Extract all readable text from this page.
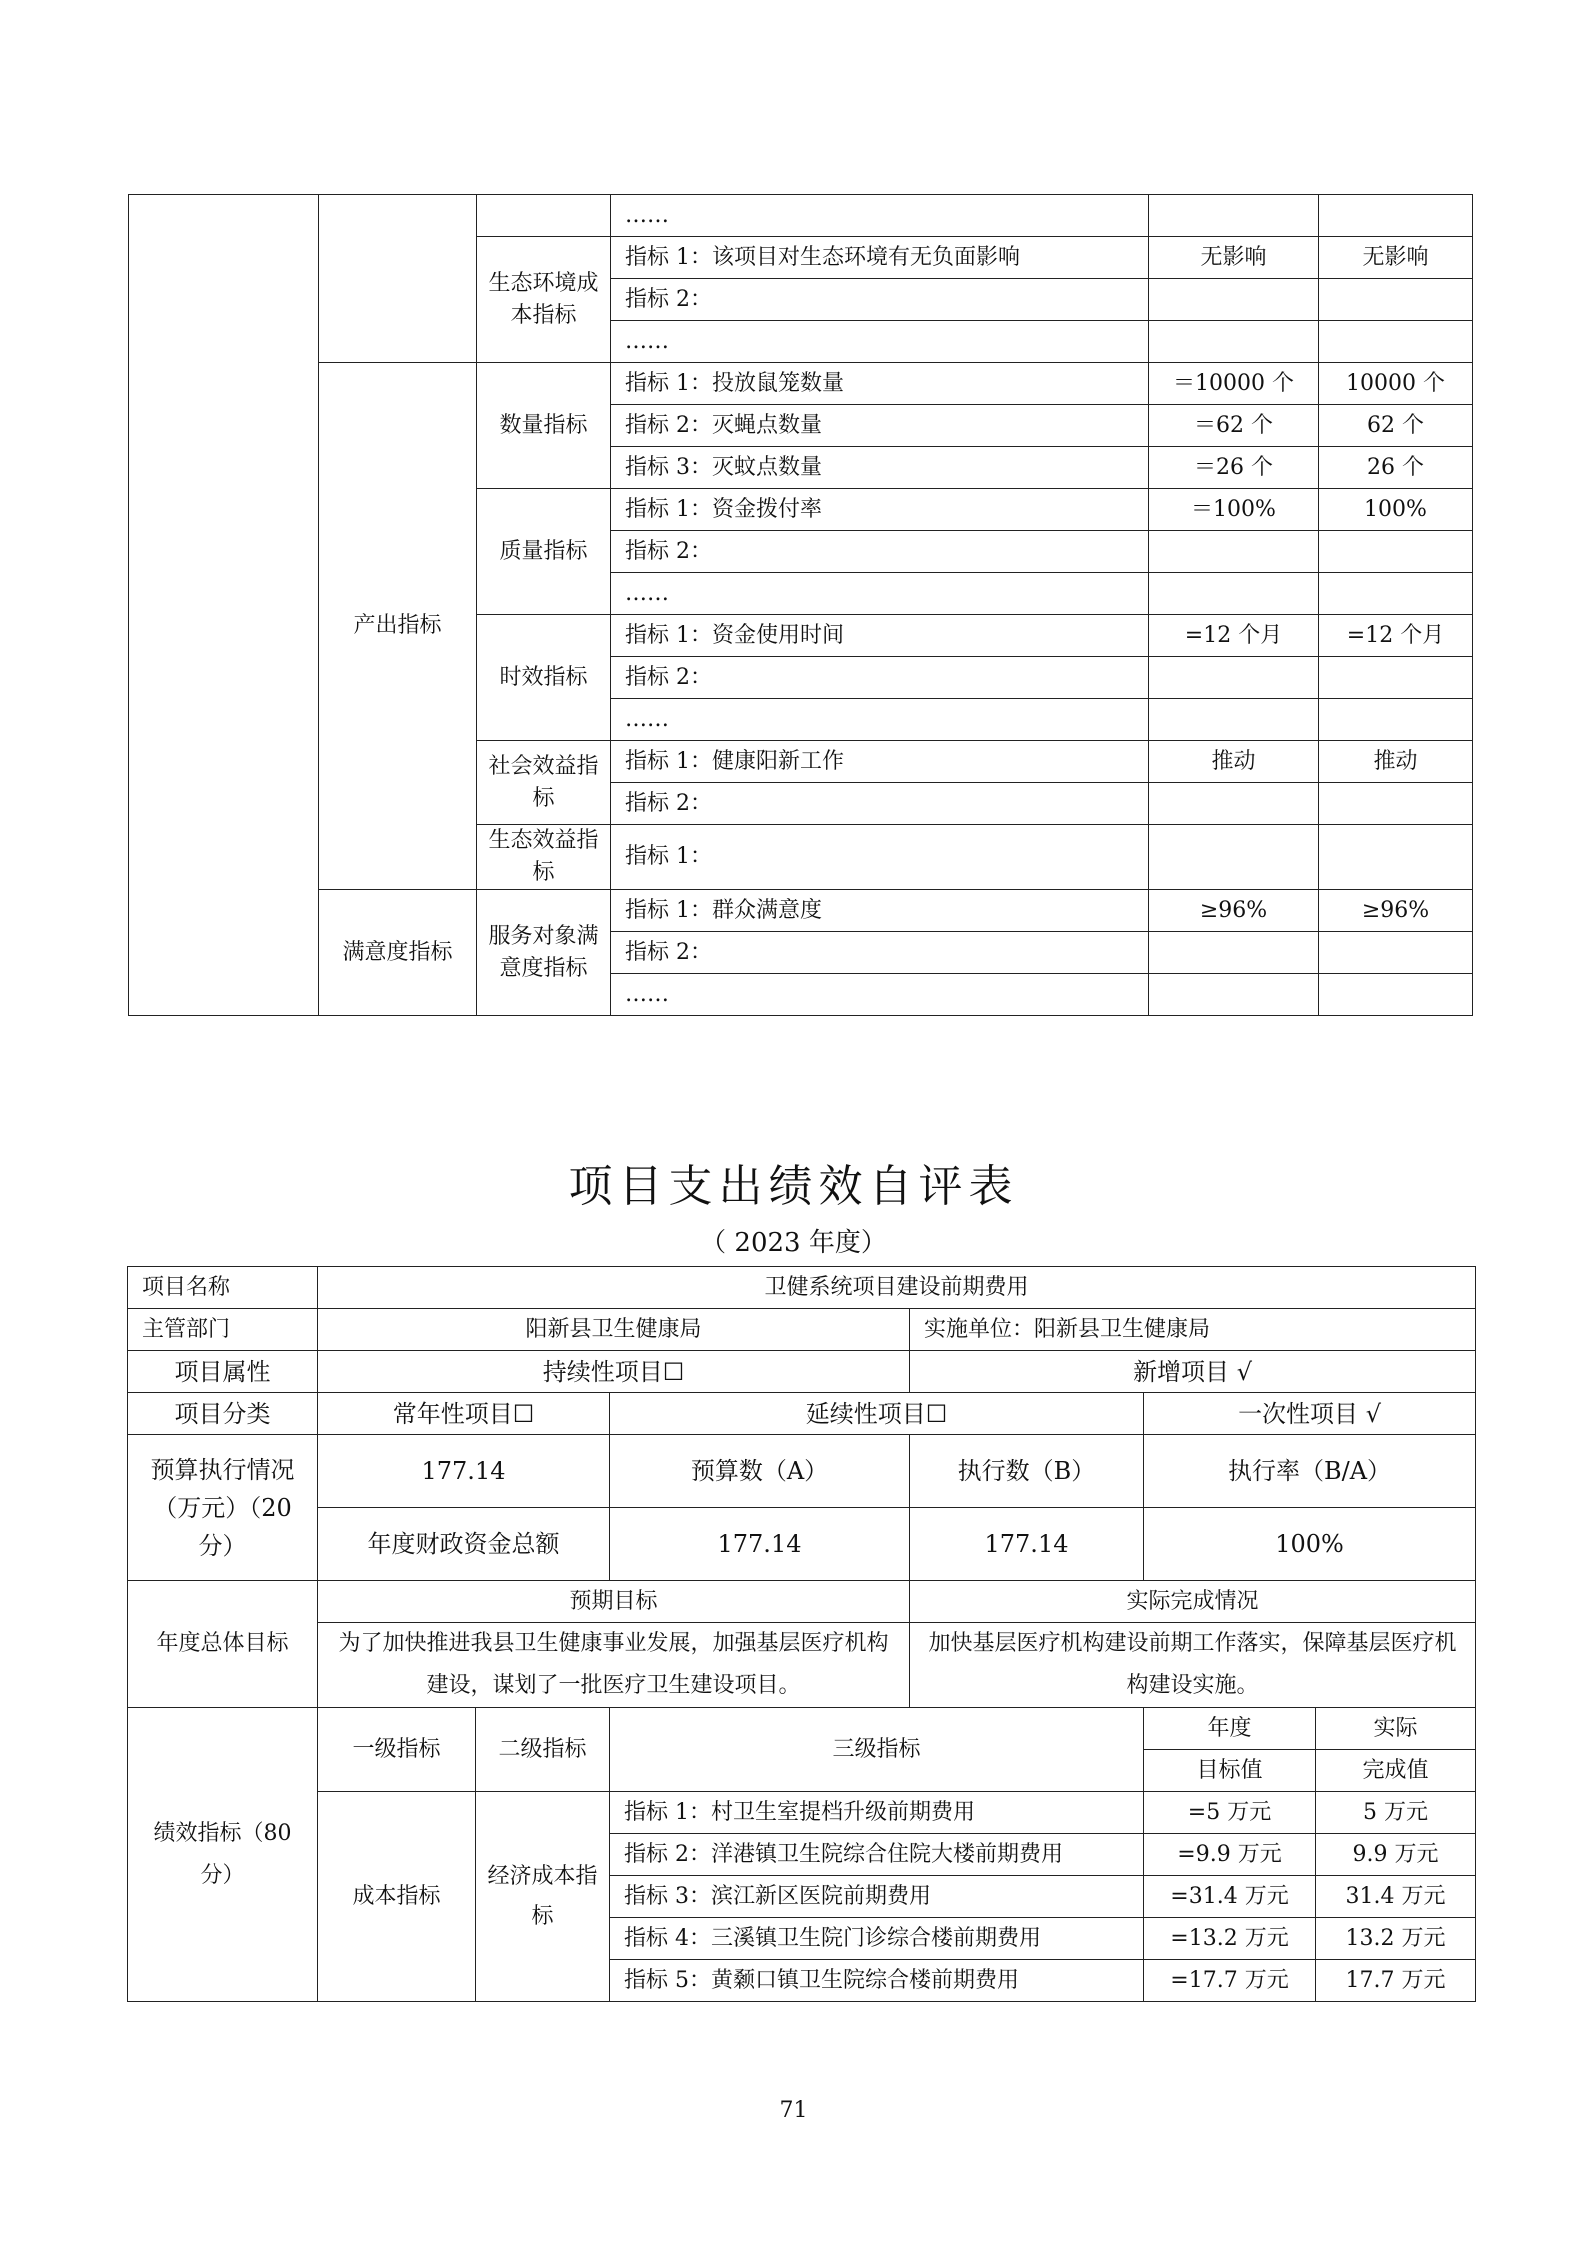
			……		
		生态环境成本指标	指标 1：该项目对生态环境有无负面影响	无影响	无影响
			指标 2：		
			……		
	产出指标	数量指标	指标 1：投放鼠笼数量	＝10000 个	10000 个
			指标 2：灭蝇点数量	＝62 个	62 个
			指标 3：灭蚊点数量	＝26 个	26 个
		质量指标	指标 1：资金拨付率	＝100%	100%
			指标 2：		
			……		
		时效指标	指标 1：资金使用时间	=12 个月	=12 个月
			指标 2：		
			……		
		社会效益指标	指标 1：健康阳新工作	推动	推动
			指标 2：		
		生态效益指标	指标 1：		

	满意度指标	服务对象满意度指标	指标 1：群众满意度	≥96%	≥96%
			指标 2：		
			……		
项目支出绩效自评表
（ 2023 年度）
项目名称	卫健系统项目建设前期费用					
主管部门	阳新县卫生健康局			实施单位：阳新县卫生健康局		
项目属性	持续性项目☐			新增项目 √		
项目分类	常年性项目☐		延续性项目☐		一次性项目 √	
预算执行情况（万元）（20 分）	177.14		预算数（A）	执行数（B）	执行率（B/A）	
	年度财政资金总额		177.14	177.14	100%	
年度总体目标	预期目标			实际完成情况		
	为了加快推进我县卫生健康事业发展，加强基层医疗机构建设，谋划了一批医疗卫生建设项目。			加快基层医疗机构建设前期工作落实，保障基层医疗机构建设实施。		
绩效指标（80 分）	一级指标	二级指标	三级指标		年度	实际
					目标值	完成值
	成本指标	经济成本指标	指标 1：村卫生室提档升级前期费用		=5 万元	5 万元
			指标 2：洋港镇卫生院综合住院大楼前期费用		=9.9 万元	9.9 万元
			指标 3：滨江新区医院前期费用		=31.4 万元	31.4 万元
			指标 4：三溪镇卫生院门诊综合楼前期费用		=13.2 万元	13.2 万元
			指标 5：黄颡口镇卫生院综合楼前期费用		=17.7 万元	17.7 万元
71
